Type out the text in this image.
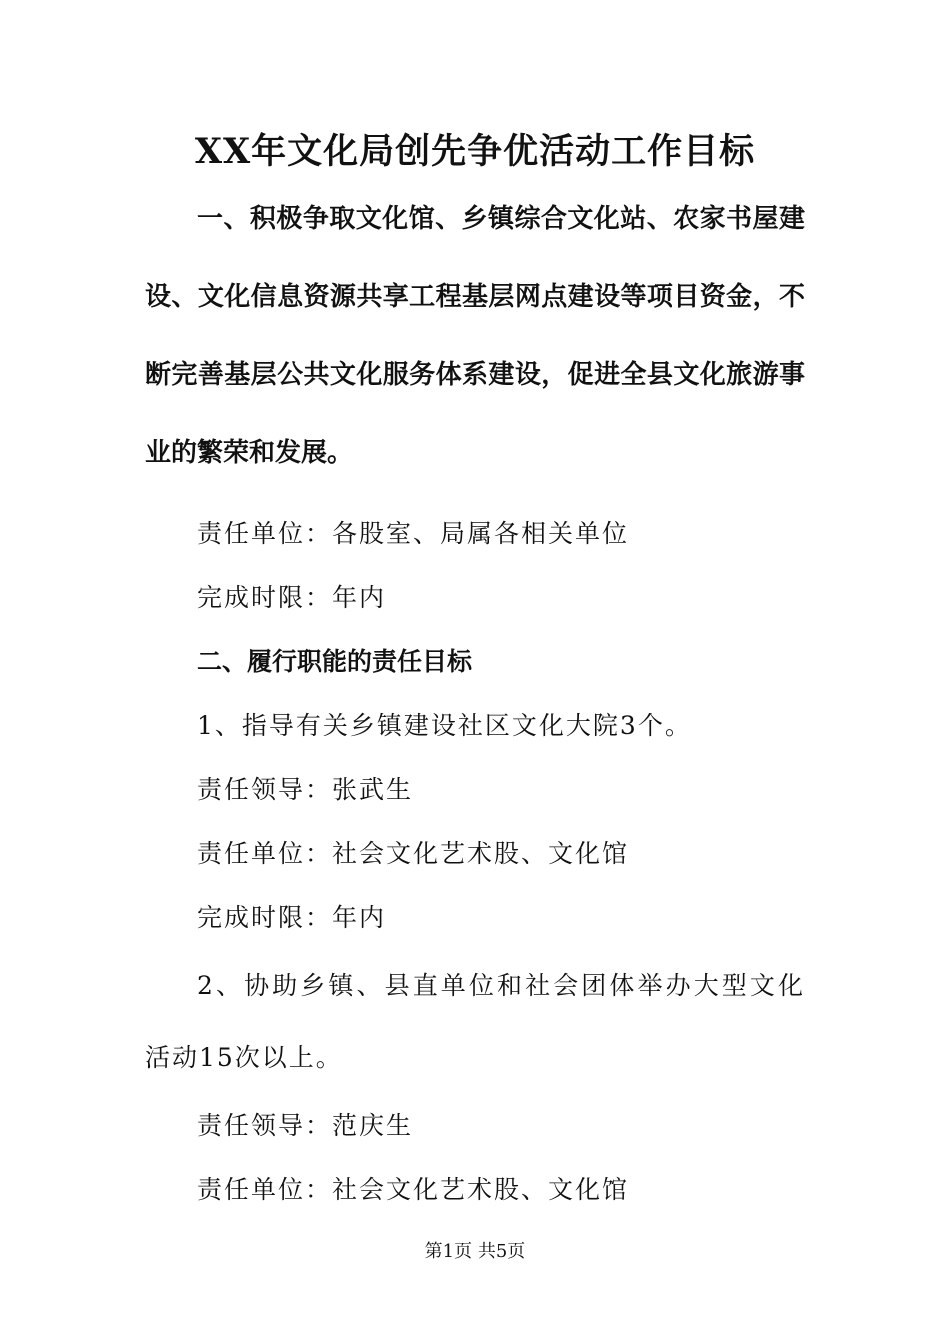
XX年文化局创先争优活动工作目标

一、积极争取文化馆、乡镇综合文化站、农家书屋建设、文化信息资源共享工程基层网点建设等项目资金，不断完善基层公共文化服务体系建设，促进全县文化旅游事业的繁荣和发展。

责任单位：各股室、局属各相关单位

完成时限：年内

二、履行职能的责任目标

1、指导有关乡镇建设社区文化大院3个。

责任领导：张武生

责任单位：社会文化艺术股、文化馆

完成时限：年内

2、协助乡镇、县直单位和社会团体举办大型文化活动15次以上。

责任领导：范庆生

责任单位：社会文化艺术股、文化馆

第1页 共5页
